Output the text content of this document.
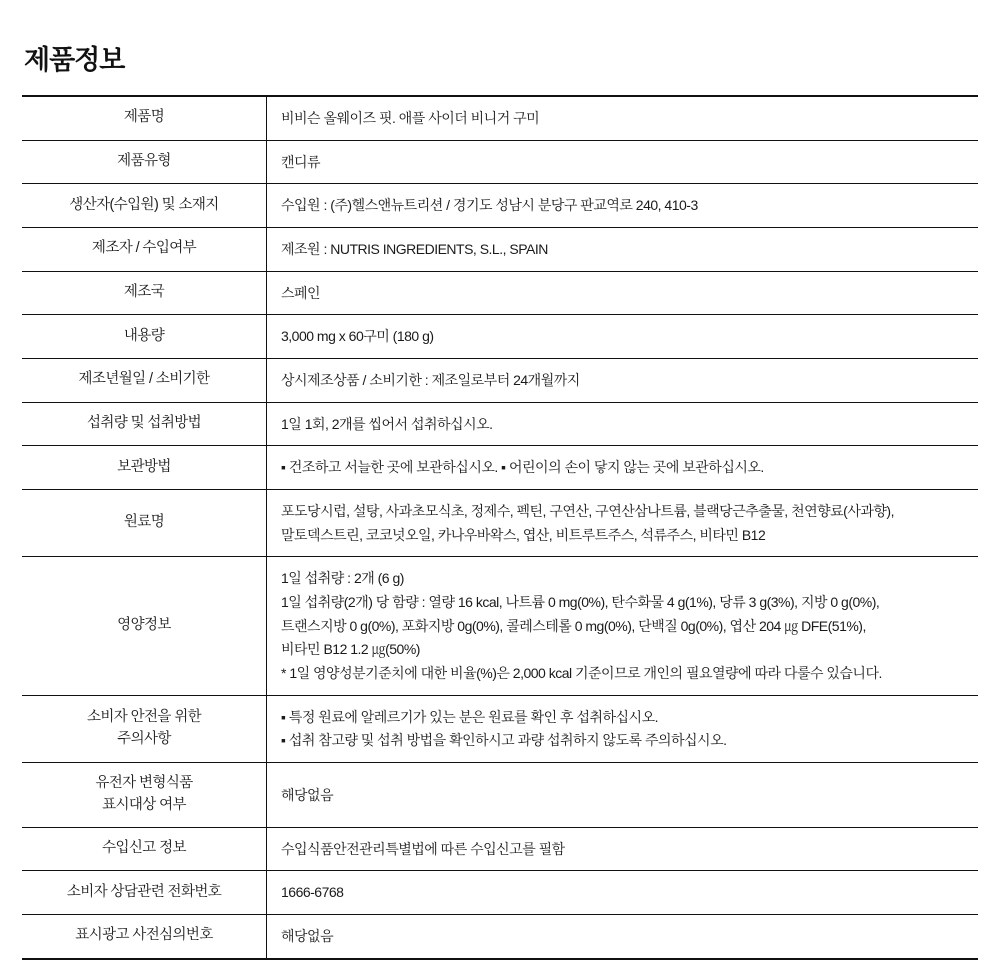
제품정보
제품명	비비슨 올웨이즈 핏. 애플 사이더 비니거 구미

제품유형	캔디류

생산자(수입원) 및 소재지	수입원 : (주)헬스앤뉴트리션 / 경기도 성남시 분당구 판교역로 240, 410-3

제조자 / 수입여부	제조원 : NUTRIS INGREDIENTS, S.L., SPAIN

제조국	스페인

내용량	3,000 mg x 60구미 (180 g)

제조년월일 / 소비기한	상시제조상품 / 소비기한 : 제조일로부터 24개월까지

섭취량 및 섭취방법	1일 1회, 2개를 씹어서 섭취하십시오.

보관방법	▪ 건조하고 서늘한 곳에 보관하십시오. ▪ 어린이의 손이 닿지 않는 곳에 보관하십시오.

원료명	포도당시럽, 설탕, 사과초모식초, 정제수, 펙틴, 구연산, 구연산삼나트륨, 블랙당근추출물, 천연향료(사과향),
말토덱스트린, 코코넛오일, 카나우바왁스, 엽산, 비트루트주스, 석류주스, 비타민 B12

영양정보	1일 섭취량 : 2개 (6 g)
1일 섭취량(2개) 당 함량 : 열량 16 kcal, 나트륨 0 mg(0%), 탄수화물 4 g(1%), 당류 3 g(3%), 지방 0 g(0%),
트랜스지방 0 g(0%), 포화지방 0g(0%), 콜레스테롤 0 mg(0%), 단백질 0g(0%), 엽산 204 ㎍ DFE(51%),
비타민 B12 1.2 ㎍(50%)
* 1일 영양성분기준치에 대한 비율(%)은 2,000 kcal 기준이므로 개인의 필요열량에 따라 다룰수 있습니다.

소비자 안전을 위한
주의사항	▪ 특정 원료에 알레르기가 있는 분은 원료를 확인 후 섭취하십시오.
▪ 섭취 참고량 및 섭취 방법을 확인하시고 과량 섭취하지 않도록 주의하십시오.

유전자 변형식품
표시대상 여부	해당없음

수입신고 정보	수입식품안전관리특별법에 따른 수입신고를 필함

소비자 상담관련 전화번호	1666-6768

표시광고 사전심의번호	해당없음
